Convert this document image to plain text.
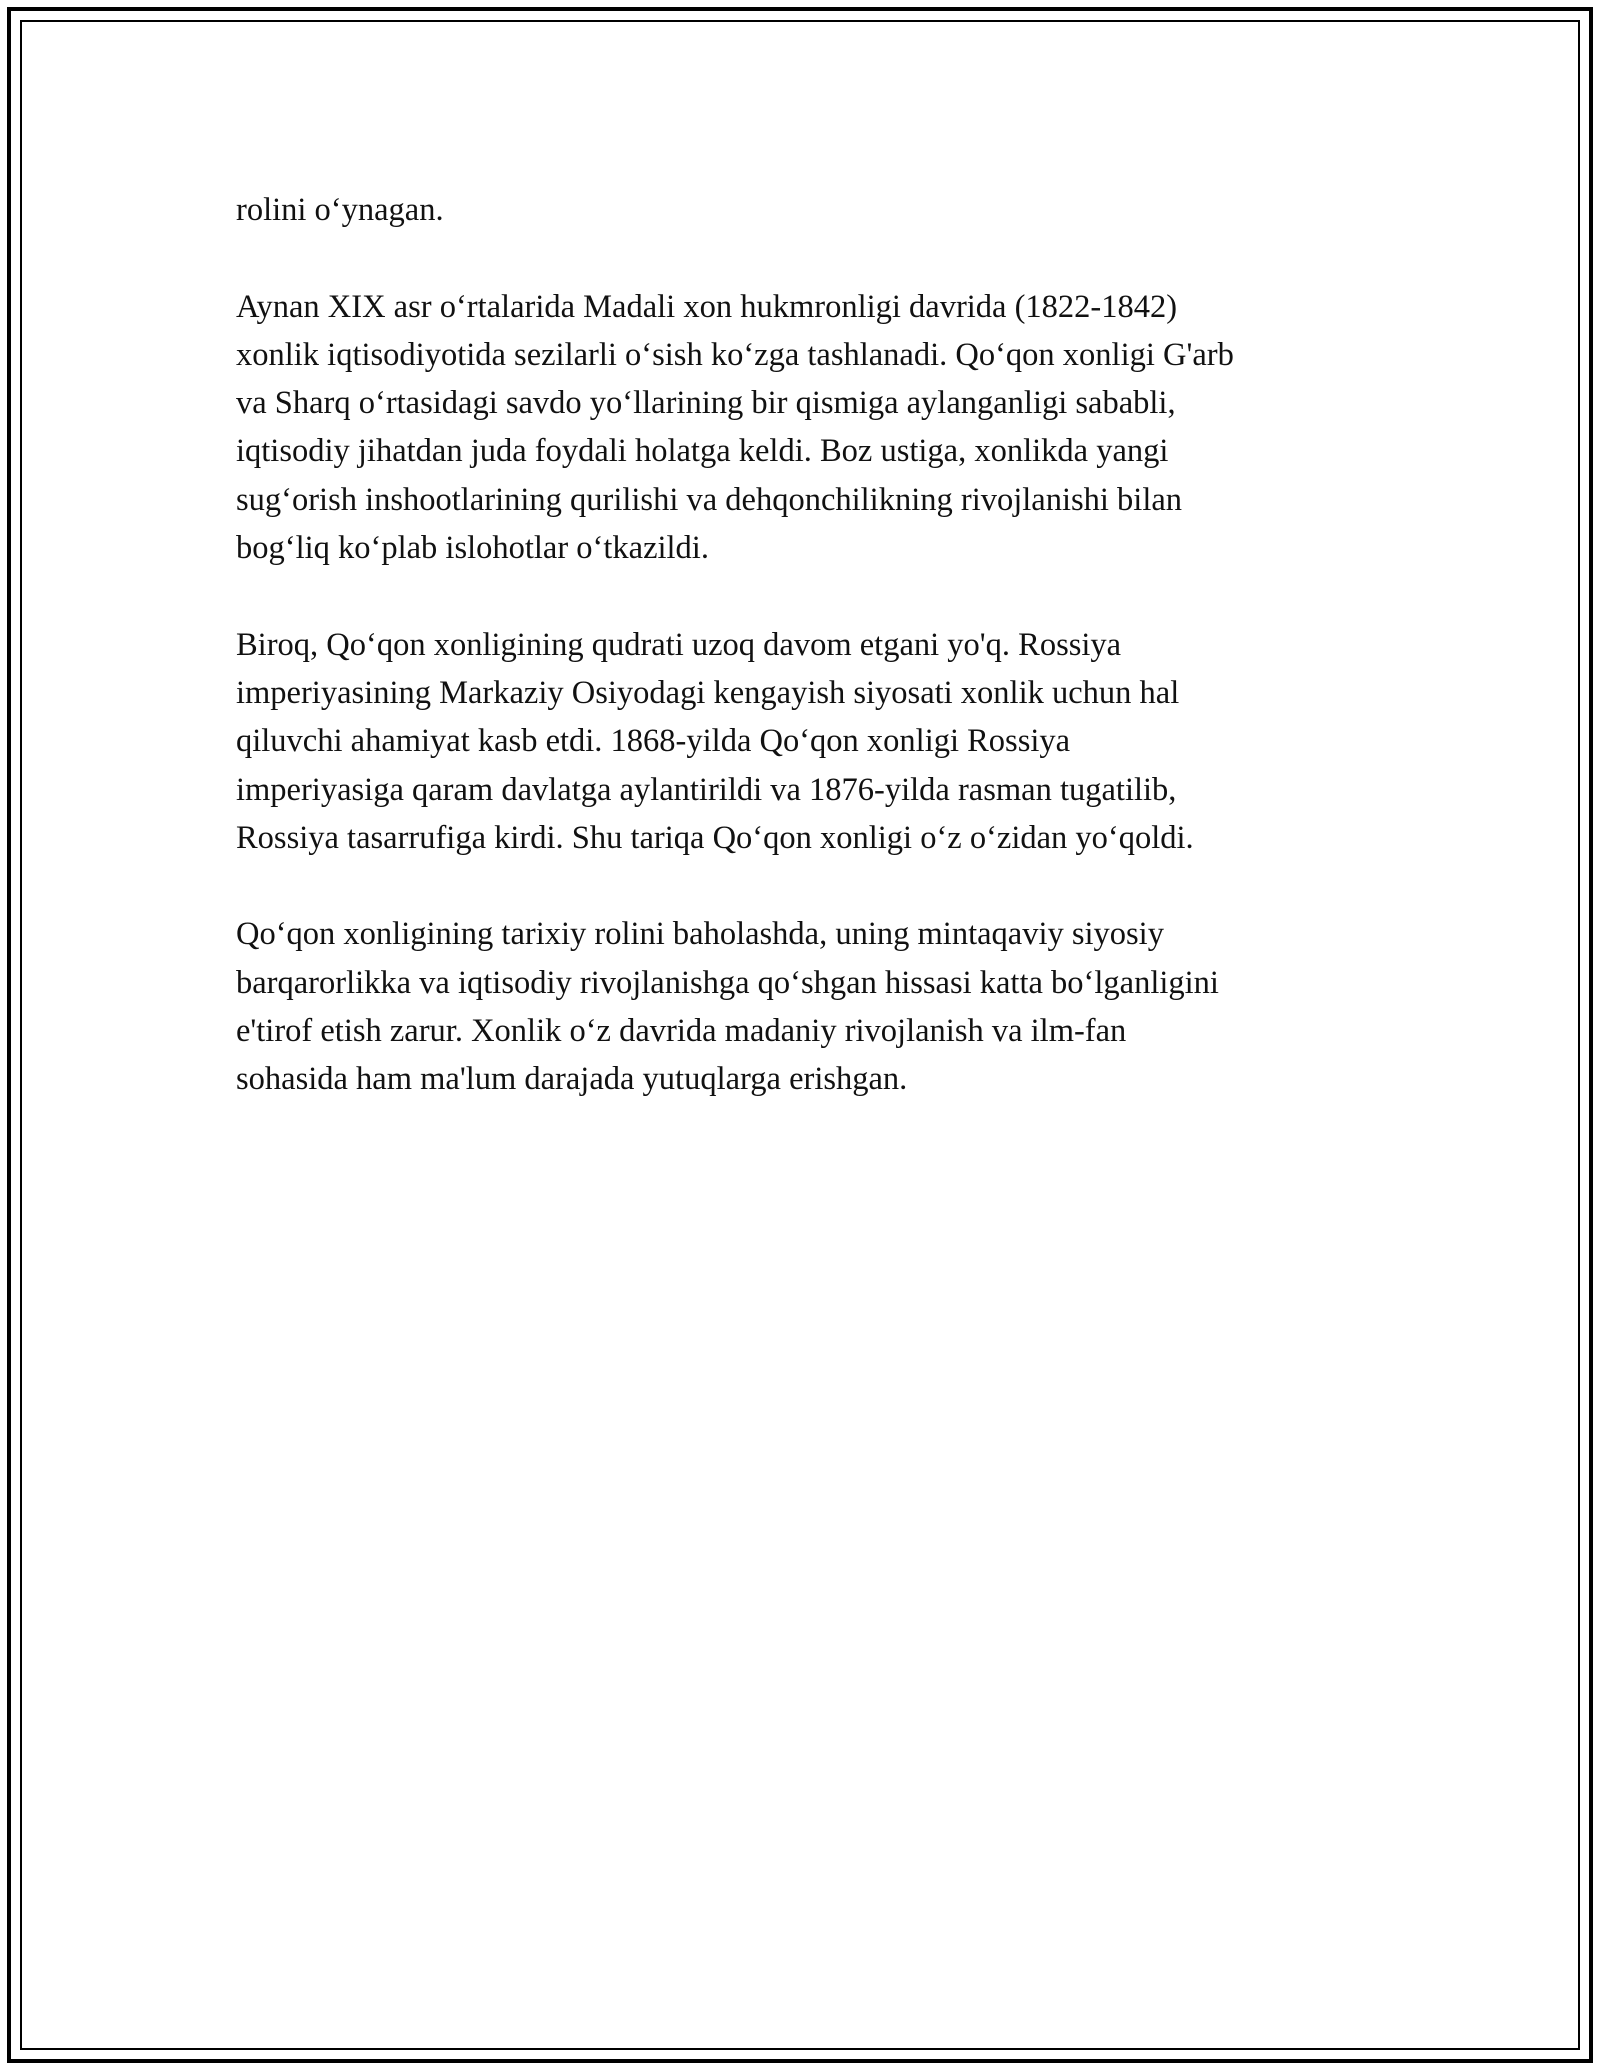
rolini o‘ynagan.

Aynan XIX asr o‘rtalarida Madali xon hukmronligi davrida (1822-1842)
xonlik iqtisodiyotida sezilarli o‘sish ko‘zga tashlanadi. Qo‘qon xonligi G'arb
va Sharq o‘rtasidagi savdo yo‘llarining bir qismiga aylanganligi sababli,
iqtisodiy jihatdan juda foydali holatga keldi. Boz ustiga, xonlikda yangi
sug‘orish inshootlarining qurilishi va dehqonchilikning rivojlanishi bilan
bog‘liq ko‘plab islohotlar o‘tkazildi.

Biroq, Qo‘qon xonligining qudrati uzoq davom etgani yo'q. Rossiya
imperiyasining Markaziy Osiyodagi kengayish siyosati xonlik uchun hal
qiluvchi ahamiyat kasb etdi. 1868-yilda Qo‘qon xonligi Rossiya
imperiyasiga qaram davlatga aylantirildi va 1876-yilda rasman tugatilib,
Rossiya tasarrufiga kirdi. Shu tariqa Qo‘qon xonligi o‘z o‘zidan yo‘qoldi.

Qo‘qon xonligining tarixiy rolini baholashda, uning mintaqaviy siyosiy
barqarorlikka va iqtisodiy rivojlanishga qo‘shgan hissasi katta bo‘lganligini
e'tirof etish zarur. Xonlik o‘z davrida madaniy rivojlanish va ilm-fan
sohasida ham ma'lum darajada yutuqlarga erishgan.
